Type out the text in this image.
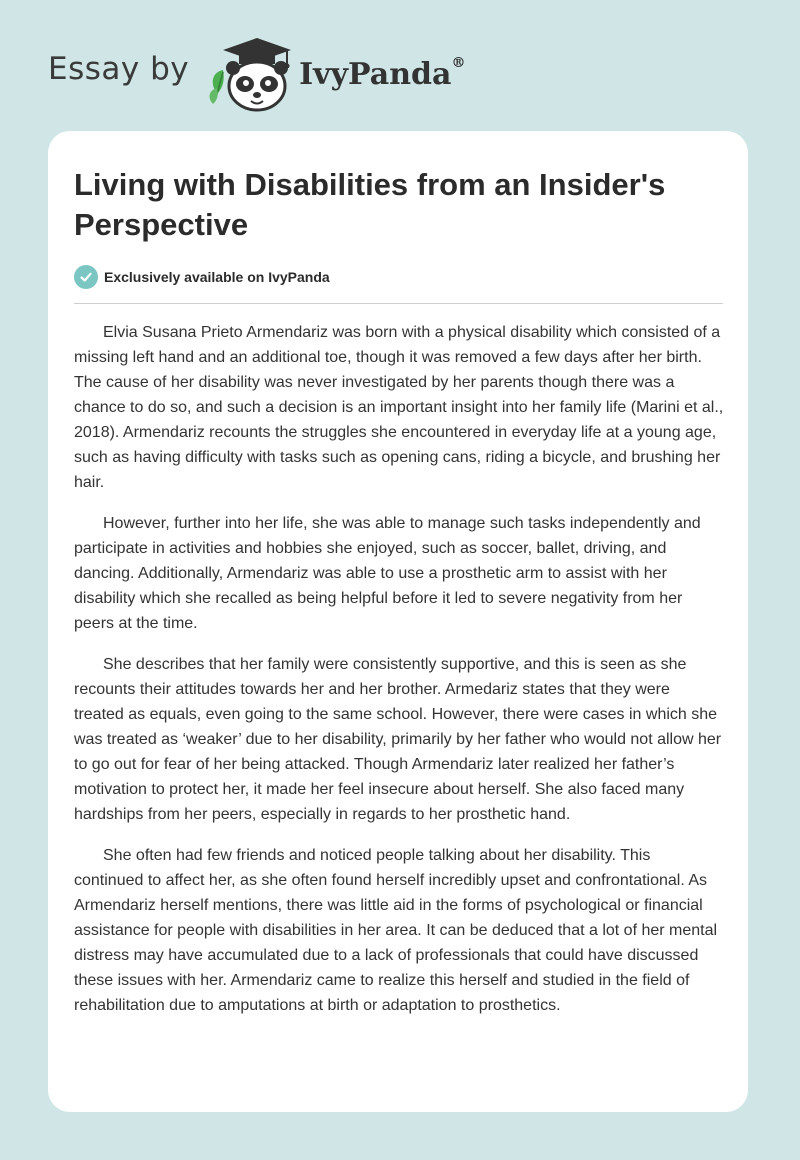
Essay by	IvyPanda®
Living with Disabilities from an Insider's Perspective
Exclusively available on IvyPanda

Elvia Susana Prieto Armendariz was born with a physical disability which consisted of a missing left hand and an additional toe, though it was removed a few days after her birth. The cause of her disability was never investigated by her parents though there was a chance to do so, and such a decision is an important insight into her family life (Marini et al., 2018). Armendariz recounts the struggles she encountered in everyday life at a young age, such as having difficulty with tasks such as opening cans, riding a bicycle, and brushing her hair.

However, further into her life, she was able to manage such tasks independently and participate in activities and hobbies she enjoyed, such as soccer, ballet, driving, and dancing. Additionally, Armendariz was able to use a prosthetic arm to assist with her disability which she recalled as being helpful before it led to severe negativity from her peers at the time.

She describes that her family were consistently supportive, and this is seen as she recounts their attitudes towards her and her brother. Armedariz states that they were treated as equals, even going to the same school. However, there were cases in which she was treated as ‘weaker’ due to her disability, primarily by her father who would not allow her to go out for fear of her being attacked. Though Armendariz later realized her father’s motivation to protect her, it made her feel insecure about herself. She also faced many hardships from her peers, especially in regards to her prosthetic hand.

She often had few friends and noticed people talking about her disability. This continued to affect her, as she often found herself incredibly upset and confrontational. As Armendariz herself mentions, there was little aid in the forms of psychological or financial assistance for people with disabilities in her area. It can be deduced that a lot of her mental distress may have accumulated due to a lack of professionals that could have discussed these issues with her. Armendariz came to realize this herself and studied in the field of rehabilitation due to amputations at birth or adaptation to prosthetics.
